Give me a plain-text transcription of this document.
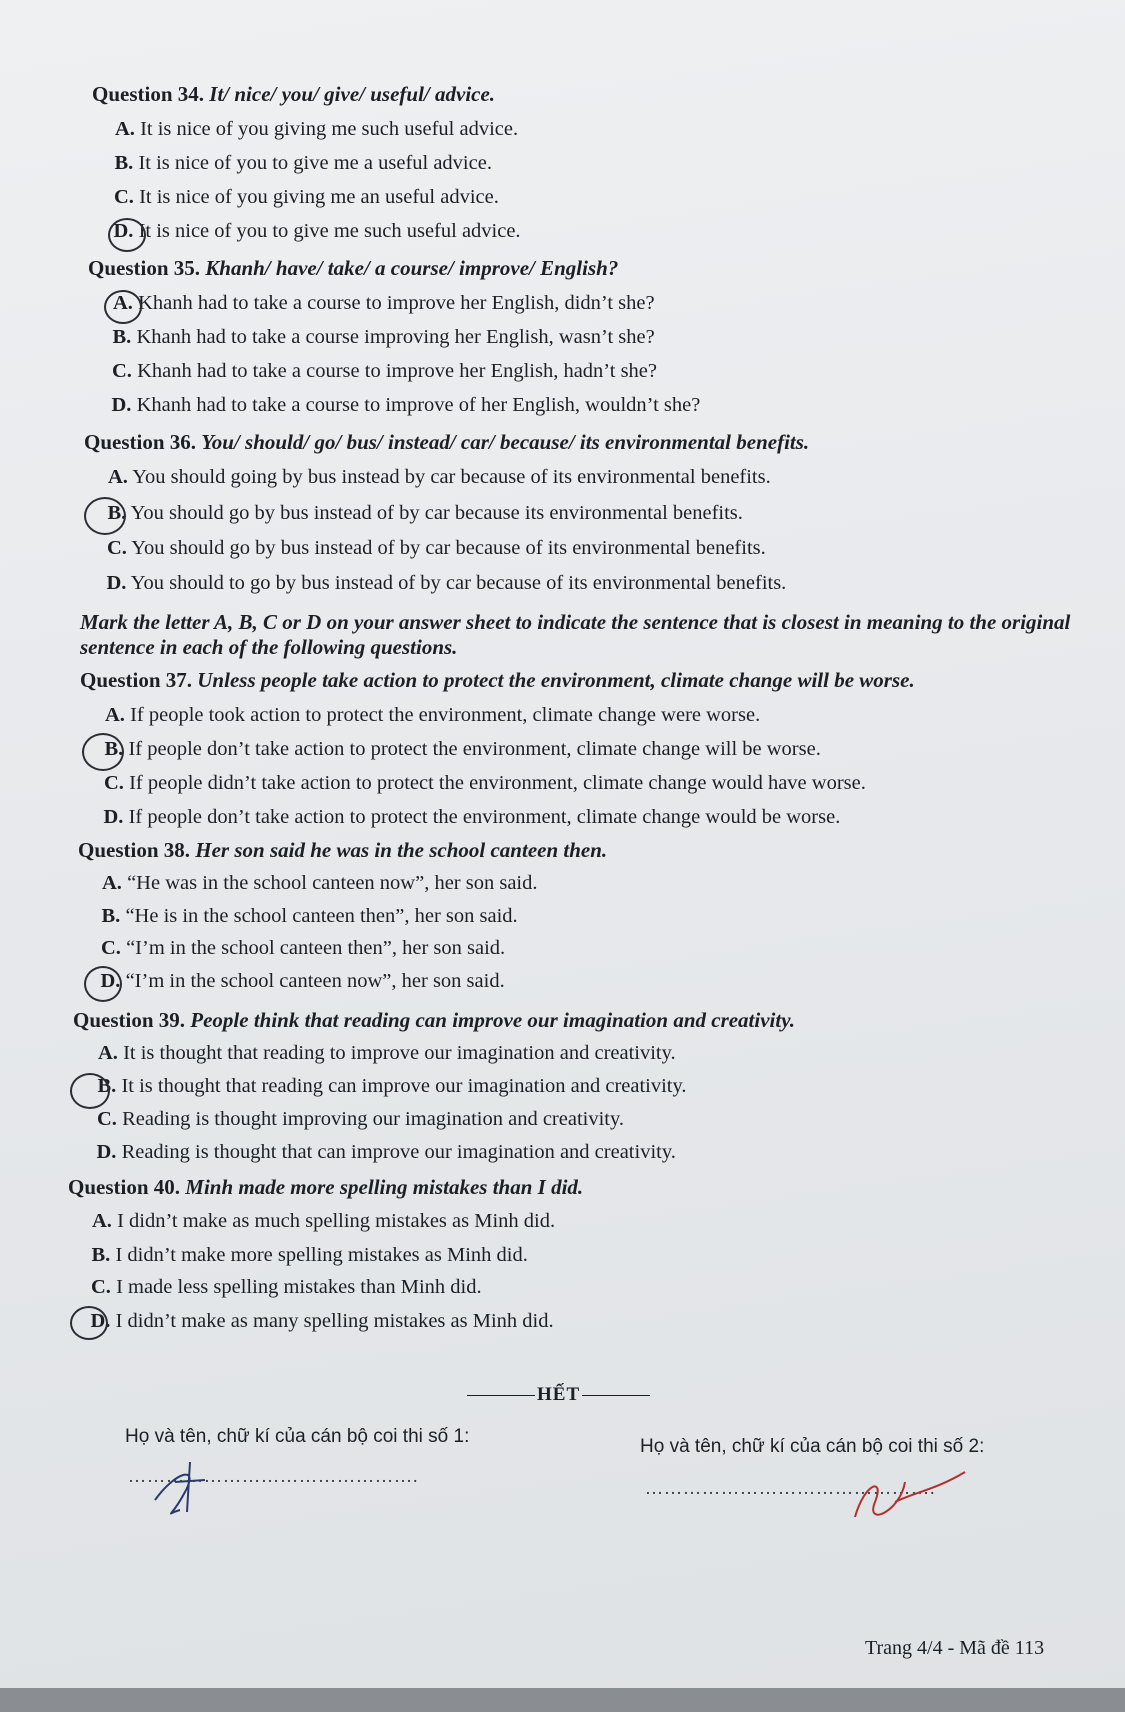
Question 34. It/ nice/ you/ give/ useful/ advice.
A. It is nice of you giving me such useful advice.
B. It is nice of you to give me a useful advice.
C. It is nice of you giving me an useful advice.
D. It is nice of you to give me such useful advice.
Question 35. Khanh/ have/ take/ a course/ improve/ English?
A. Khanh had to take a course to improve her English, didn’t she?
B. Khanh had to take a course improving her English, wasn’t she?
C. Khanh had to take a course to improve her English, hadn’t she?
D. Khanh had to take a course to improve of her English, wouldn’t she?
Question 36. You/ should/ go/ bus/ instead/ car/ because/ its environmental benefits.
A. You should going by bus instead by car because of its environmental benefits.
B. You should go by bus instead of by car because its environmental benefits.
C. You should go by bus instead of by car because of its environmental benefits.
D. You should to go by bus instead of by car because of its environmental benefits.
Question 37. Unless people take action to protect the environment, climate change will be worse.
A. If people took action to protect the environment, climate change were worse.
B. If people don’t take action to protect the environment, climate change will be worse.
C. If people didn’t take action to protect the environment, climate change would have worse.
D. If people don’t take action to protect the environment, climate change would be worse.
Question 38. Her son said he was in the school canteen then.
A. “He was in the school canteen now”, her son said.
B. “He is in the school canteen then”, her son said.
C. “I’m in the school canteen then”, her son said.
D. “I’m in the school canteen now”, her son said.
Question 39. People think that reading can improve our imagination and creativity.
A. It is thought that reading to improve our imagination and creativity.
B. It is thought that reading can improve our imagination and creativity.
C. Reading is thought improving our imagination and creativity.
D. Reading is thought that can improve our imagination and creativity.
Question 40. Minh made more spelling mistakes than I did.
A. I didn’t make as much spelling mistakes as Minh did.
B. I didn’t make more spelling mistakes as Minh did.
C. I made less spelling mistakes than Minh did.
D. I didn’t make as many spelling mistakes as Minh did.
Mark the letter A, B, C or D on your answer sheet to indicate the sentence that is closest in meaning to the original sentence in each of the following questions.
HẾT
Họ và tên, chữ kí của cán bộ coi thi số 1:	Họ và tên, chữ kí của cán bộ coi thi số 2:
……………………………………….
……………………………………….
Trang 4/4 - Mã đề 113
